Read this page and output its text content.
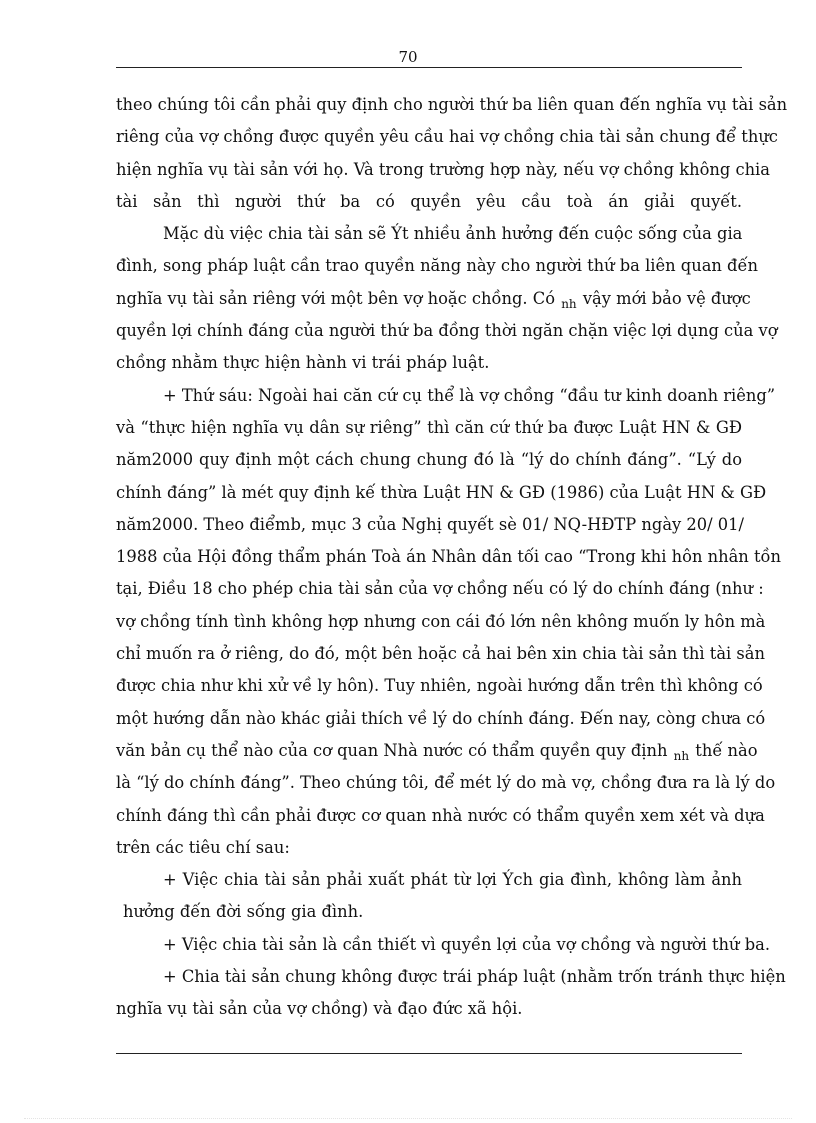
70
theo chúng tôi cần phải quy định cho người thứ ba liên quan đến nghĩa vụ tài sản
riêng của vợ chồng được quyền yêu cầu hai vợ chồng chia tài sản chung để thực
hiện nghĩa vụ tài sản với họ. Và trong trường hợp này, nếu vợ chồng không chia
tài sản thì người thứ ba có quyền yêu cầu toà án giải quyết.
Mặc dù việc chia tài sản sẽ Ýt nhiều ảnh hưởng đến cuộc sống của gia
đình, song pháp luật cần trao quyền năng này cho người thứ ba liên quan đến
nghĩa vụ tài sản riêng với một bên vợ hoặc chồng. Có $_{nh}$ vậy mới bảo vệ được
quyền lợi chính đáng của người thứ ba đồng thời ngăn chặn việc lợi dụng của vợ
chồng nhằm thực hiện hành vi trái pháp luật.
+ Thứ sáu: Ngoài hai căn cứ cụ thể là vợ chồng “đầu tư kinh doanh riêng”
và “thực hiện nghĩa vụ dân sự riêng” thì căn cứ thứ ba được Luật HN & GĐ
năm2000 quy định một cách chung chung đó là “lý do chính đáng”. “Lý do
chính đáng” là mét quy định kế thừa Luật HN & GĐ (1986) của Luật HN & GĐ
năm2000. Theo điểmb, mục 3 của Nghị quyết sè 01/ NQ-HĐTP ngày 20/ 01/
1988 của Hội đồng thẩm phán Toà án Nhân dân tối cao “Trong khi hôn nhân tồn
tại, Điều 18 cho phép chia tài sản của vợ chồng nếu có lý do chính đáng (như :
vợ chồng tính tình không hợp nhưng con cái đó lớn nên không muốn ly hôn mà
chỉ muốn ra ở riêng, do đó, một bên hoặc cả hai bên xin chia tài sản thì tài sản
được chia như khi xử về ly hôn). Tuy nhiên, ngoài hướng dẫn trên thì không có
một hướng dẫn nào khác giải thích về lý do chính đáng. Đến nay, còng chưa có
văn bản cụ thể nào của cơ quan Nhà nước có thẩm quyền quy định $_{nh}$ thế nào
là “lý do chính đáng”. Theo chúng tôi, để mét lý do mà vợ, chồng đưa ra là lý do
chính đáng thì cần phải được cơ quan nhà nước có thẩm quyền xem xét và dựa
trên các tiêu chí sau:
+ Việc chia tài sản phải xuất phát từ lợi Ých gia đình, không làm ảnh
hưởng đến đời sống gia đình.
+ Việc chia tài sản là cần thiết vì quyền lợi của vợ chồng và người thứ ba.
+ Chia tài sản chung không được trái pháp luật (nhằm trốn tránh thực hiện
nghĩa vụ tài sản của vợ chồng) và đạo đức xã hội.
